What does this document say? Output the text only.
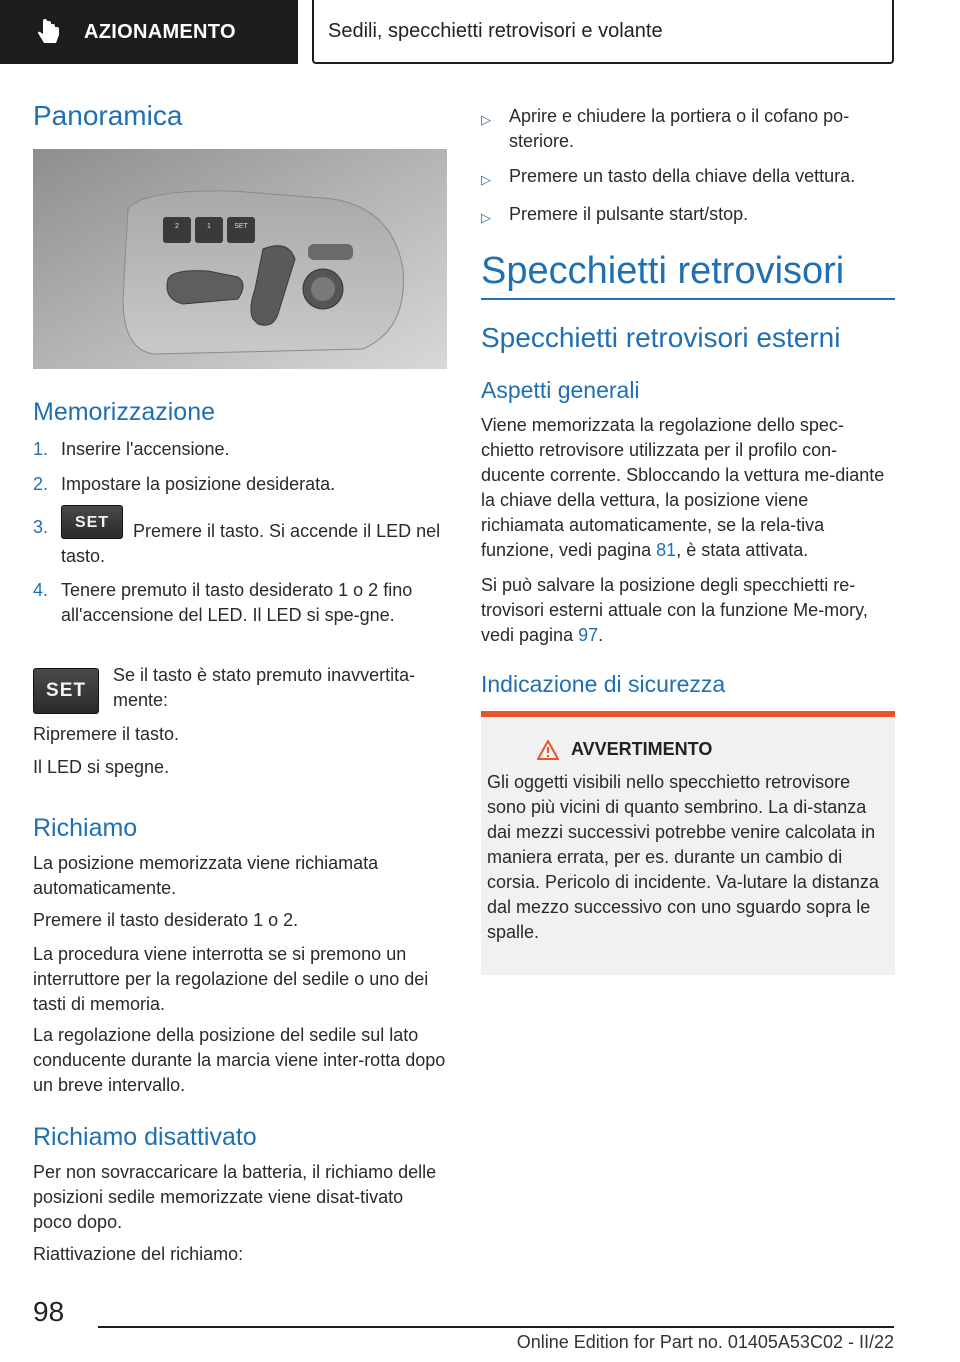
AZIONAMENTO	Sedili, specchietti retrovisori e volante
Panoramica
2	1	SET
Memorizzazione
1. Inserire l'accensione.
2. Impostare la posizione desiderata.
3.	SET	Premere il tasto. Si accende il LED nel tasto.
4. Tenere premuto il tasto desiderato 1 o 2 fino all'accensione del LED. Il LED si spe-gne.
SET
Se il tasto è stato premuto inavvertita-mente:
Ripremere il tasto.
Il LED si spegne.
Richiamo
La posizione memorizzata viene richiamata automaticamente.
Premere il tasto desiderato 1 o 2.
La procedura viene interrotta se si premono un interruttore per la regolazione del sedile o uno dei tasti di memoria.
La regolazione della posizione del sedile sul lato conducente durante la marcia viene inter-rotta dopo un breve intervallo.
Richiamo disattivato
Per non sovraccaricare la batteria, il richiamo delle posizioni sedile memorizzate viene disat-tivato poco dopo.
Riattivazione del richiamo:
▷	Aprire e chiudere la portiera o il cofano po-steriore.
▷	Premere un tasto della chiave della vettura.
▷	Premere il pulsante start/stop.
Specchietti retrovisori
Specchietti retrovisori esterni
Aspetti generali
Viene memorizzata la regolazione dello spec-chietto retrovisore utilizzata per il profilo con-ducente corrente. Sbloccando la vettura me-diante la chiave della vettura, la posizione viene richiamata automaticamente, se la rela-tiva funzione, vedi pagina 81, è stata attivata.
Si può salvare la posizione degli specchietti re-trovisori esterni attuale con la funzione Me-mory, vedi pagina 97.
Indicazione di sicurezza
AVVERTIMENTO
Gli oggetti visibili nello specchietto retrovisore sono più vicini di quanto sembrino. La di-stanza dai mezzi successivi potrebbe venire calcolata in maniera errata, per es. durante un cambio di corsia. Pericolo di incidente. Va-lutare la distanza dal mezzo successivo con uno sguardo sopra le spalle.
98
Online Edition for Part no. 01405A53C02 - II/22
